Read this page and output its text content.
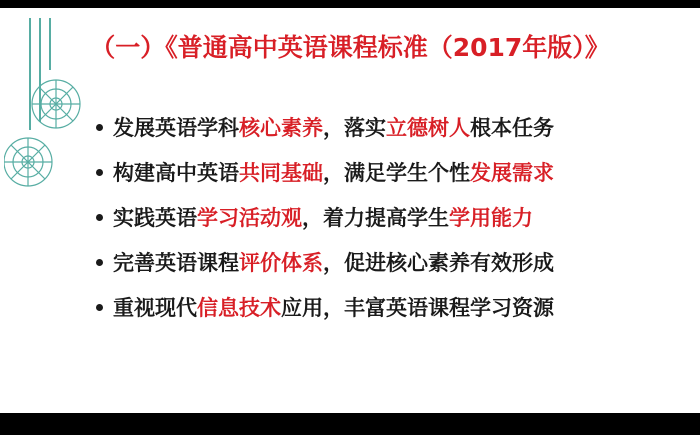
（一）《普通高中英语课程标准（2017年版）》
发展英语学科核心素养，落实立德树人根本任务
构建高中英语共同基础，满足学生个性发展需求
实践英语学习活动观，着力提高学生学用能力
完善英语课程评价体系，促进核心素养有效形成
重视现代信息技术应用，丰富英语课程学习资源
